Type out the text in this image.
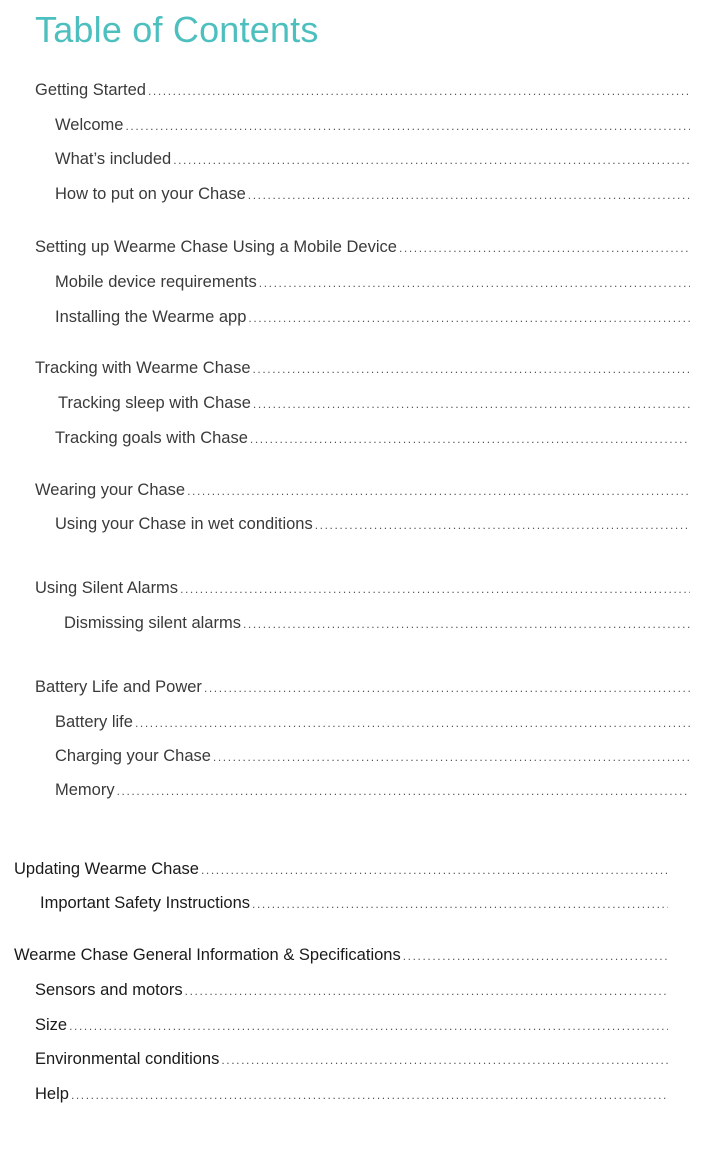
Table of Contents
Getting Started
.....
Welcome
.....
What’s included
.....
How to put on your Chase
.....
Setting up Wearme Chase Using a Mobile Device
.....
Mobile device requirements
.....
Installing the Wearme app
.....
Tracking with Wearme Chase
.....
Tracking sleep with Chase
.....
Tracking goals with Chase
.....
Wearing your Chase
.....
Using your Chase in wet conditions
.....
Using Silent Alarms
.....
Dismissing silent alarms
.....
Battery Life and Power
.....
Battery life
.....
Charging your Chase
.....
Memory
.....
Updating Wearme Chase
.....
Important Safety Instructions
.....
Wearme Chase General Information & Specifications
.....
Sensors and motors
.....
Size
.....
Environmental conditions
.....
Help
.....
